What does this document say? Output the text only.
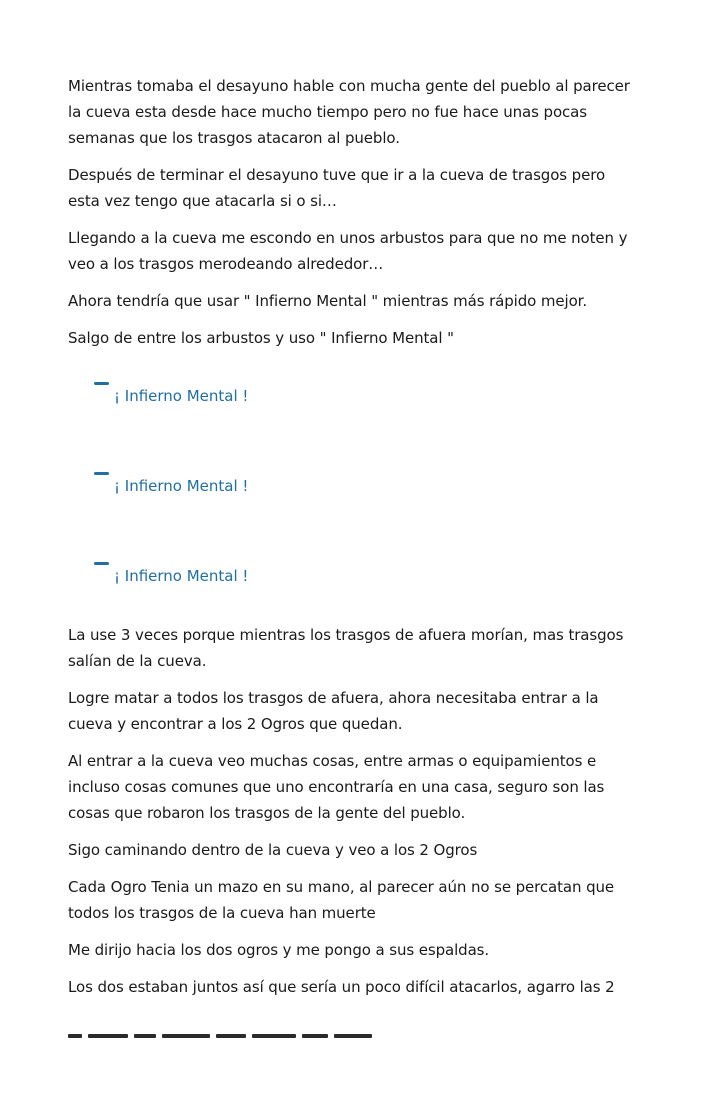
Mientras tomaba el desayuno hable con mucha gente del pueblo al parecer la cueva esta desde hace mucho tiempo pero no fue hace unas pocas semanas que los trasgos atacaron al pueblo.

Después de terminar el desayuno tuve que ir a la cueva de trasgos pero esta vez tengo que atacarla si o si…

Llegando a la cueva me escondo en unos arbustos para que no me noten y veo a los trasgos merodeando alrededor…

Ahora tendría que usar " Infierno Mental " mientras más rápido mejor.

Salgo de entre los arbustos y uso " Infierno Mental "

¡ Infierno Mental !
¡ Infierno Mental !
¡ Infierno Mental !

La use 3 veces porque mientras los trasgos de afuera morían, mas trasgos salían de la cueva.

Logre matar a todos los trasgos de afuera, ahora necesitaba entrar a la cueva y encontrar a los 2 Ogros que quedan.

Al entrar a la cueva veo muchas cosas, entre armas o equipamientos e incluso cosas comunes que uno encontraría en una casa, seguro son las cosas que robaron los trasgos de la gente del pueblo.

Sigo caminando dentro de la cueva y veo a los 2 Ogros

Cada Ogro Tenia un mazo en su mano, al parecer aún no se percatan que todos los trasgos de la cueva han muerte

Me dirijo hacia los dos ogros y me pongo a sus espaldas.

Los dos estaban juntos así que sería un poco difícil atacarlos, agarro las 2
